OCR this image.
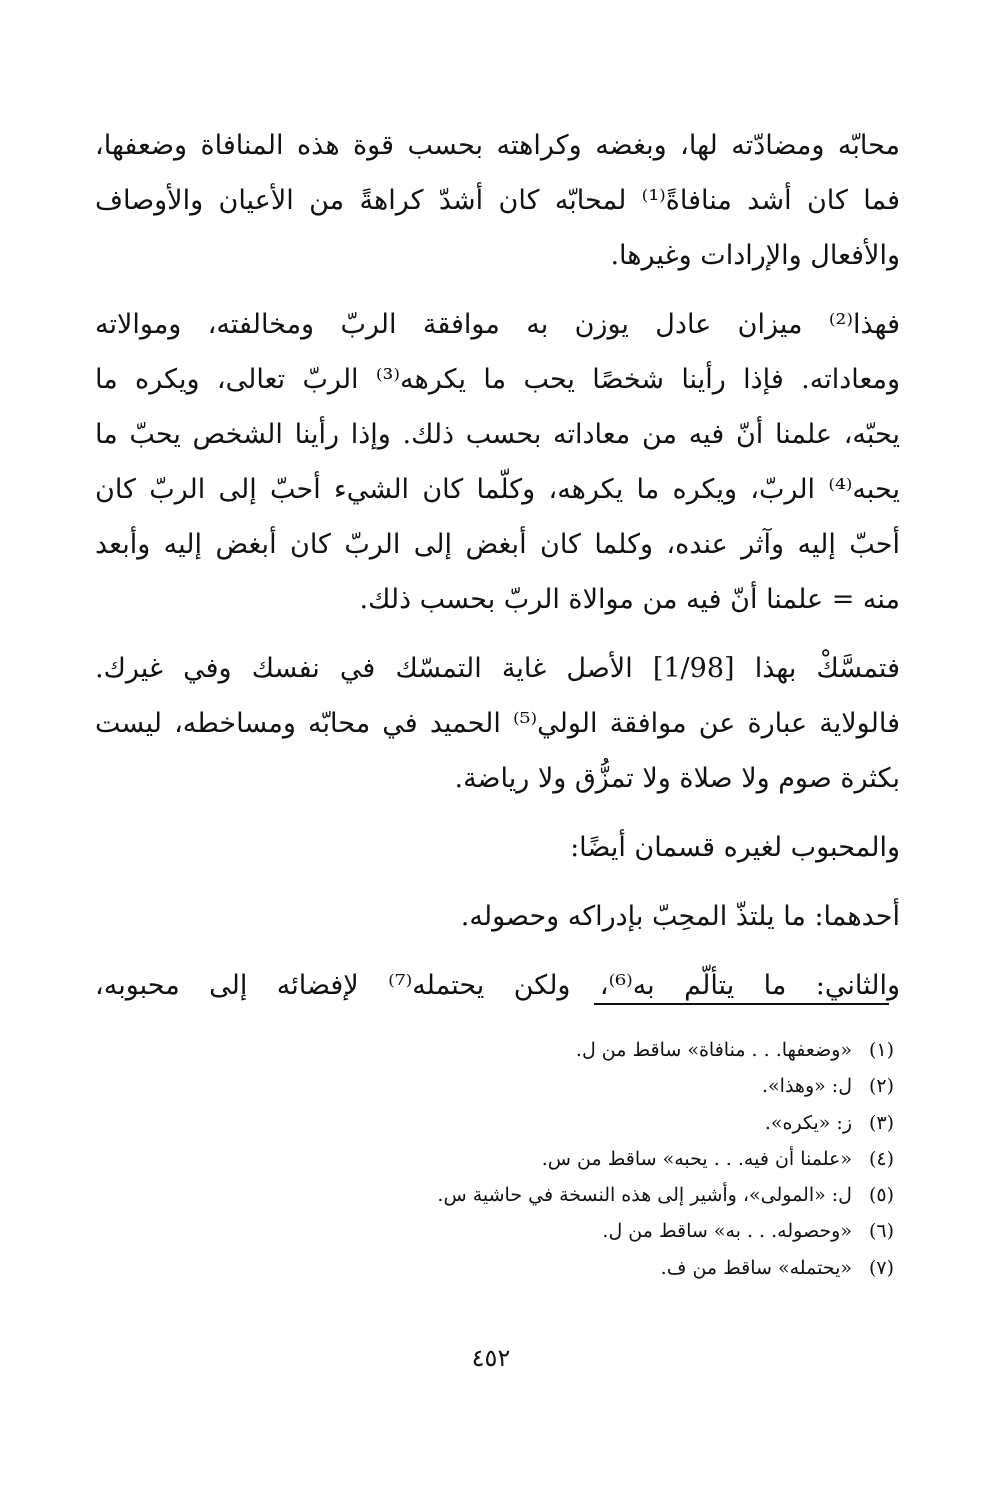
محابّه ومضادّته لها، وبغضه وكراهته بحسب قوة هذه المنافاة وضعفها،
فما كان أشد منافاةً⁽¹⁾ لمحابّه كان أشدّ كراهةً من الأعيان والأوصاف
والأفعال والإرادات وغيرها.
فهذا⁽²⁾ ميزان عادل يوزن به موافقة الربّ ومخالفته، وموالاته
ومعاداته. فإذا رأينا شخصًا يحب ما يكرهه⁽³⁾ الربّ تعالى، ويكره ما
يحبّه، علمنا أنّ فيه من معاداته بحسب ذلك. وإذا رأينا الشخص يحبّ ما
يحبه⁽⁴⁾ الربّ، ويكره ما يكرهه، وكلّما كان الشيء أحبّ إلى الربّ كان
أحبّ إليه وآثر عنده، وكلما كان أبغض إلى الربّ كان أبغض إليه وأبعد
منه = علمنا أنّ فيه من موالاة الربّ بحسب ذلك.
فتمسَّكْ بهذا [1/98] الأصل غاية التمسّك في نفسك وفي غيرك.
فالولاية عبارة عن موافقة الولي⁽⁵⁾ الحميد في محابّه ومساخطه، ليست
بكثرة صوم ولا صلاة ولا تمزُّق ولا رياضة.
والمحبوب لغيره قسمان أيضًا:
أحدهما: ما يلتذّ المحِبّ بإدراكه وحصوله.
والثاني: ما يتألّم به⁽⁶⁾، ولكن يحتمله⁽⁷⁾ لإفضائه إلى محبوبه،
(١)
«وضعفها. . . منافاة» ساقط من ل.
(٢)
ل: «وهذا».
(٣)
ز: «يكره».
(٤)
«علمنا أن فيه. . . يحبه» ساقط من س.
(٥)
ل: «المولى»، وأشير إلى هذه النسخة في حاشية س.
(٦)
«وحصوله. . . به» ساقط من ل.
(٧)
«يحتمله» ساقط من ف.
٤٥٢
